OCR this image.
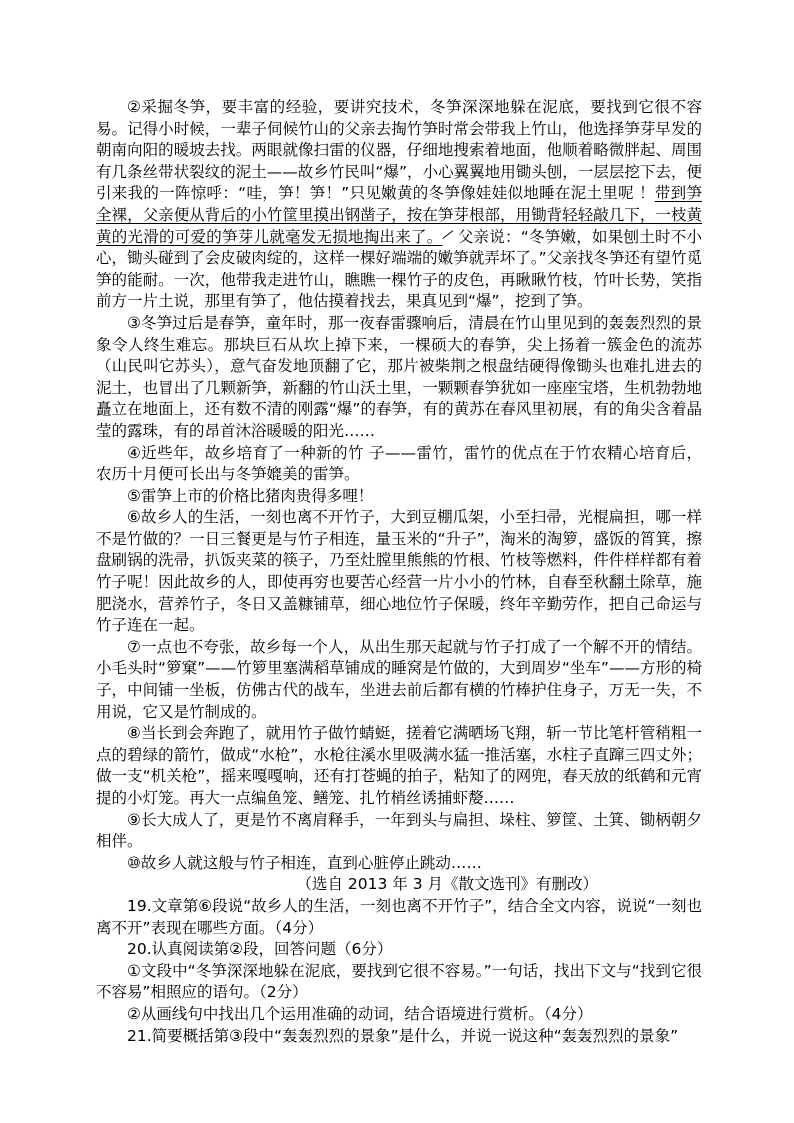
②采掘冬笋，要丰富的经验，要讲究技术，冬笋深深地躲在泥底，要找到它很不容易。记得小时候，一辈子伺候竹山的父亲去掏竹笋时常会带我上竹山，他选择笋芽早发的朝南向阳的暖坡去找。两眼就像扫雷的仪器，仔细地搜索着地面，他顺着略微胖起、周围有几条丝带状裂纹的泥土——故乡竹民叫“爆”，小心翼翼地用锄头刨，一层层挖下去，便引来我的一阵惊呼：“哇，笋！笋！”只见嫩黄的冬笋像娃娃似地睡在泥土里呢 ！带到笋全裸，父亲便从背后的小竹筐里摸出钢凿子，按在笋芽根部，用锄背轻轻敲几下，一枝黄黄的光滑的可爱的笋芽儿就毫发无损地掏出来了。 父亲说：“冬笋嫩，如果刨土时不小心，锄头碰到了会皮破肉绽的，这样一棵好端端的嫩笋就弄坏了。”父亲找冬笋还有望竹觅笋的能耐。一次，他带我走进竹山，瞧瞧一棵竹子的皮色，再瞅瞅竹枝，竹叶长势，笑指前方一片土说，那里有笋了，他估摸着找去，果真见到“爆”，挖到了笋。

③冬笋过后是春笋，童年时，那一夜春雷骤响后，清晨在竹山里见到的轰轰烈烈的景象令人终生难忘。那块巨石从坎上掉下来，一棵硕大的春笋，尖上扬着一簇金色的流苏（山民叫它苏头），意气奋发地顶翻了它，那片被柴荆之根盘结硬得像锄头也难扎进去的泥土，也冒出了几颗新笋，新翻的竹山沃土里，一颗颗春笋犹如一座座宝塔，生机勃勃地矗立在地面上，还有数不清的刚露“爆”的春笋，有的黄苏在春风里初展，有的角尖含着晶莹的露珠，有的昂首沐浴暖暖的阳光……

④近些年，故乡培育了一种新的竹 子——雷竹，雷竹的优点在于竹农精心培育后，农历十月便可长出与冬笋媲美的雷笋。

⑤雷笋上市的价格比猪肉贵得多哩！

⑥故乡人的生活，一刻也离不开竹子，大到豆棚瓜架，小至扫帚，光棍扁担，哪一样不是竹做的？一日三餐更是与竹子相连，量玉米的“升子”，淘米的淘箩，盛饭的筲箕，擦盘刷锅的洗帚，扒饭夹菜的筷子，乃至灶膛里熊熊的竹根、竹枝等燃料，件件样样都有着竹子呢！因此故乡的人，即使再穷也要苦心经营一片小小的竹林，自春至秋翻土除草，施肥浇水，营养竹子，冬日又盖糠铺草，细心地位竹子保暖，终年辛勤劳作，把自己命运与竹子连在一起。

⑦一点也不夸张，故乡每一个人，从出生那天起就与竹子打成了一个解不开的情结。小毛头时“箩窠”——竹箩里塞满稻草铺成的睡窝是竹做的，大到周岁“坐车”——方形的椅子，中间铺一坐板，仿佛古代的战车，坐进去前后都有横的竹棒护住身子，万无一失，不用说，它又是竹制成的。

⑧当长到会奔跑了，就用竹子做竹蜻蜓，搓着它满晒场飞翔，斩一节比笔杆管稍粗一点的碧绿的箭竹，做成“水枪”，水枪往溪水里吸满水猛一推活塞，水柱子直蹿三四丈外；做一支“机关枪”，摇来嘎嘎响，还有打苍蝇的拍子，粘知了的网兜，春天放的纸鹤和元宵提的小灯笼。再大一点编鱼笼、鳝笼、扎竹梢丝诱捕虾嫠……

⑨长大成人了，更是竹不离肩释手，一年到头与扁担、垛柱、箩筐、土箕、锄柄朝夕相伴。

⑩故乡人就这般与竹子相连，直到心脏停止跳动……

（选自 2013 年 3 月《散文选刊》有删改）

19.文章第⑥段说“故乡人的生活，一刻也离不开竹子”，结合全文内容，说说“一刻也离不开”表现在哪些方面。（4分）

20.认真阅读第②段，回答问题（6分）

①文段中“冬笋深深地躲在泥底，要找到它很不容易。”一句话，找出下文与“找到它很不容易”相照应的语句。（2分）

②从画线句中找出几个运用准确的动词，结合语境进行赏析。（4分）

21.简要概括第③段中“轰轰烈烈的景象”是什么，并说一说这种“轰轰烈烈的景象”
